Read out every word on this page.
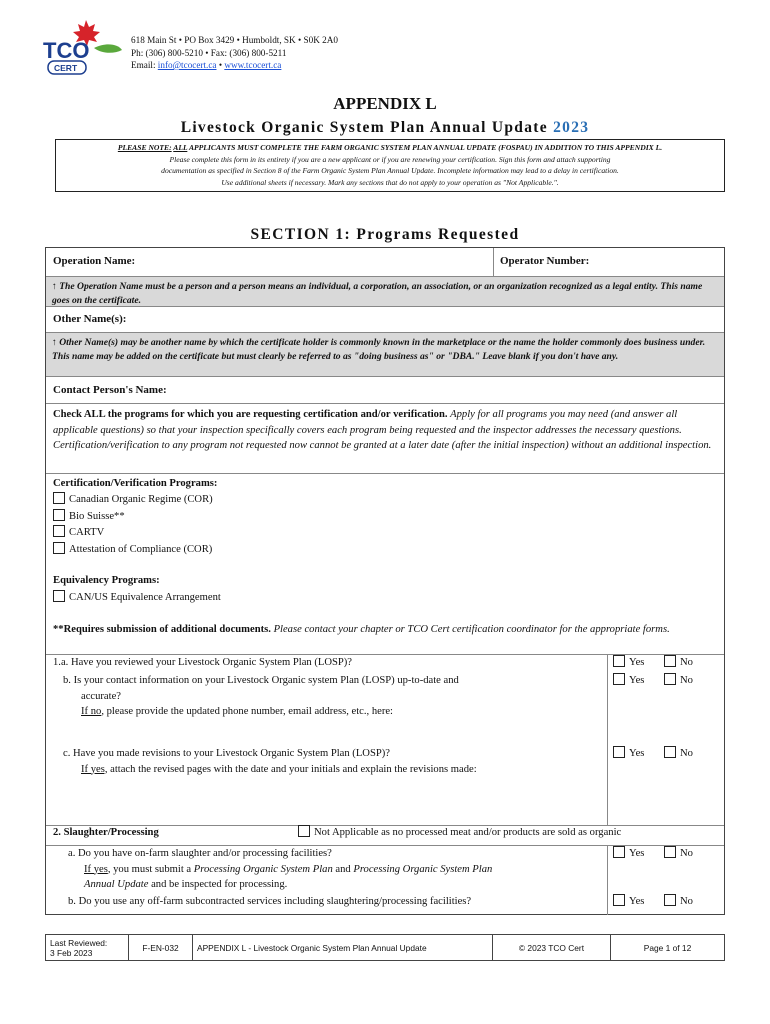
TCO
CERT
618 Main St • PO Box 3429 • Humboldt, SK • S0K 2A0
Ph: (306) 800-5210 • Fax: (306) 800-5211
Email: info@tcocert.ca • www.tcocert.ca
APPENDIX L
Livestock Organic System Plan Annual Update 2023
PLEASE NOTE: ALL APPLICANTS MUST COMPLETE THE FARM ORGANIC SYSTEM PLAN ANNUAL UPDATE (FOSPAU) IN ADDITION TO THIS APPENDIX L.
Please complete this form in its entirety if you are a new applicant or if you are renewing your certification. Sign this form and attach supporting
documentation as specified in Section 8 of the Farm Organic System Plan Annual Update. Incomplete information may lead to a delay in certification.
Use additional sheets if necessary. Mark any sections that do not apply to your operation as "Not Applicable.".
SECTION 1: Programs Requested
Operation Name:	Operator Number:
↑ The Operation Name must be a person and a person means an individual, a corporation, an association, or an organization recognized as a legal entity. This name goes on the certificate.
Other Name(s):
↑ Other Name(s) may be another name by which the certificate holder is commonly known in the marketplace or the name the holder commonly does business under. This name may be added on the certificate but must clearly be referred to as "doing business as" or "DBA." Leave blank if you don't have any.
Contact Person's Name:
Check ALL the programs for which you are requesting certification and/or verification. Apply for all programs you may need (and answer all applicable questions) so that your inspection specifically covers each program being requested and the inspector addresses the necessary questions. Certification/verification to any program not requested now cannot be granted at a later date (after the initial inspection) without an additional inspection.
Certification/Verification Programs:
Canadian Organic Regime (COR)
Bio Suisse**
CARTV
Attestation of Compliance (COR)
Equivalency Programs:
CAN/US Equivalence Arrangement
**Requires submission of additional documents. Please contact your chapter or TCO Cert certification coordinator for the appropriate forms.
1.a. Have you reviewed your Livestock Organic System Plan (LOSP)?	Yes	No
b. Is your contact information on your Livestock Organic system Plan (LOSP) up-to-date and
accurate?
If no, please provide the updated phone number, email address, etc., here:
Yes	No
c. Have you made revisions to your Livestock Organic System Plan (LOSP)?
If yes, attach the revised pages with the date and your initials and explain the revisions made:
Yes	No
2. Slaughter/Processing	Not Applicable as no processed meat and/or products are sold as organic
a. Do you have on-farm slaughter and/or processing facilities?
If yes, you must submit a Processing Organic System Plan and Processing Organic System Plan
Annual Update and be inspected for processing.
Yes	No
b. Do you use any off-farm subcontracted services including slaughtering/processing facilities?	Yes	No
Last Reviewed:
3 Feb 2023	F-EN-032	APPENDIX L - Livestock Organic System Plan Annual Update	© 2023 TCO Cert	Page 1 of 12
